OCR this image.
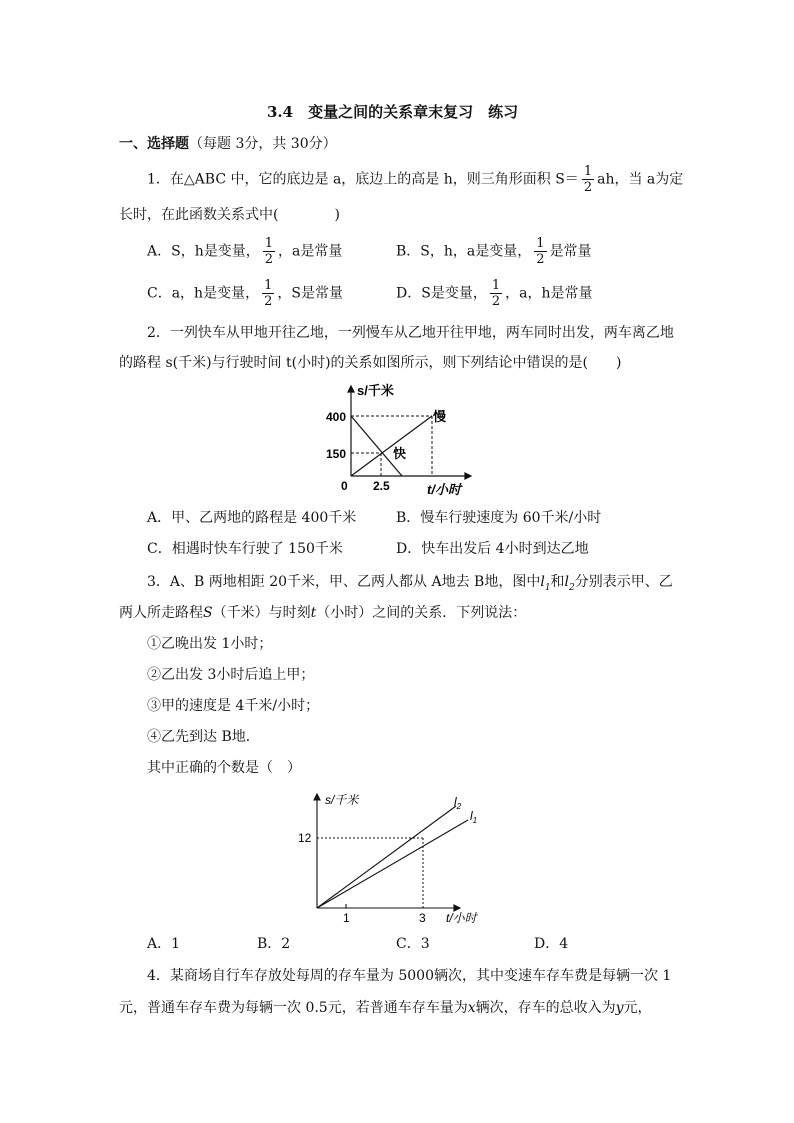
3.4　变量之间的关系章末复习　练习
一、选择题（每题 3分，共 30分）
1．在△ABC 中，它的底边是 a，底边上的高是 h，则三角形面积 $S= \frac{1}{2}$ ah，当 a为定
长时，在此函数关系式中(　　　　)
A．S，h是变量， $\frac{1}{2}$ ，a是常量	B．S，h，a是变量， $\frac{1}{2}$ 是常量
C．a，h是变量， $\frac{1}{2}$ ，S是常量	D．S是变量， $\frac{1}{2}$ ，a，h是常量
2．一列快车从甲地开往乙地，一列慢车从乙地开往甲地，两车同时出发，两车离乙地
的路程 s(千米)与行驶时间 t(小时)的关系如图所示，则下列结论中错误的是(　　)
s/千米
t/小时
400
150
0 2.5
慢
快
A．甲、乙两地的路程是 400千米	B．慢车行驶速度为 60千米/小时
C．相遇时快车行驶了 150千米	D．快车出发后 4小时到达乙地
3．A、B 两地相距 20千米，甲、乙两人都从 A地去 B地，图中$l_1$和$l_2$分别表示甲、乙
两人所走路程S（千米）与时刻t（小时）之间的关系．下列说法：
①乙晚出发 1小时；
②乙出发 3小时后追上甲；
③甲的速度是 4千米/小时；
④乙先到达 B地．
其中正确的个数是（　）
s/千米
t/小时
12
1	3
$l_2$
$l_1$
A．1	B．2	C．3	D．4
4．某商场自行车存放处每周的存车量为 5000辆次，其中变速车存车费是每辆一次 1
元，普通车存车费为每辆一次 0.5元，若普通车存车量为x辆次，存车的总收入为y元，
